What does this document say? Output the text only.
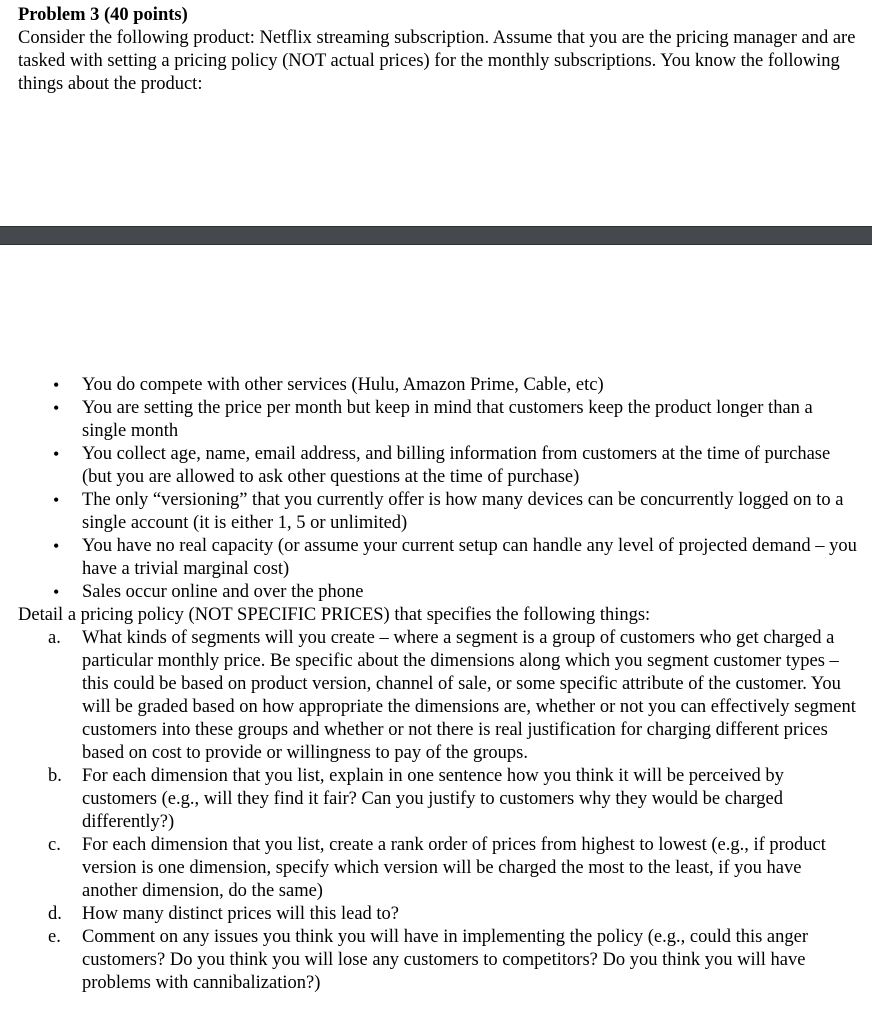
Problem 3 (40 points)

Consider the following product: Netflix streaming subscription. Assume that you are the pricing manager and are tasked with setting a pricing policy (NOT actual prices) for the monthly subscriptions. You know the following things about the product:

• You do compete with other services (Hulu, Amazon Prime, Cable, etc)
• You are setting the price per month but keep in mind that customers keep the product longer than a single month
• You collect age, name, email address, and billing information from customers at the time of purchase (but you are allowed to ask other questions at the time of purchase)
• The only “versioning” that you currently offer is how many devices can be concurrently logged on to a single account (it is either 1, 5 or unlimited)
• You have no real capacity (or assume your current setup can handle any level of projected demand – you have a trivial marginal cost)
• Sales occur online and over the phone

Detail a pricing policy (NOT SPECIFIC PRICES) that specifies the following things:

a. What kinds of segments will you create – where a segment is a group of customers who get charged a particular monthly price. Be specific about the dimensions along which you segment customer types – this could be based on product version, channel of sale, or some specific attribute of the customer. You will be graded based on how appropriate the dimensions are, whether or not you can effectively segment customers into these groups and whether or not there is real justification for charging different prices based on cost to provide or willingness to pay of the groups.
b. For each dimension that you list, explain in one sentence how you think it will be perceived by customers (e.g., will they find it fair? Can you justify to customers why they would be charged differently?)
c. For each dimension that you list, create a rank order of prices from highest to lowest (e.g., if product version is one dimension, specify which version will be charged the most to the least, if you have another dimension, do the same)
d. How many distinct prices will this lead to?
e. Comment on any issues you think you will have in implementing the policy (e.g., could this anger customers? Do you think you will lose any customers to competitors? Do you think you will have problems with cannibalization?)
